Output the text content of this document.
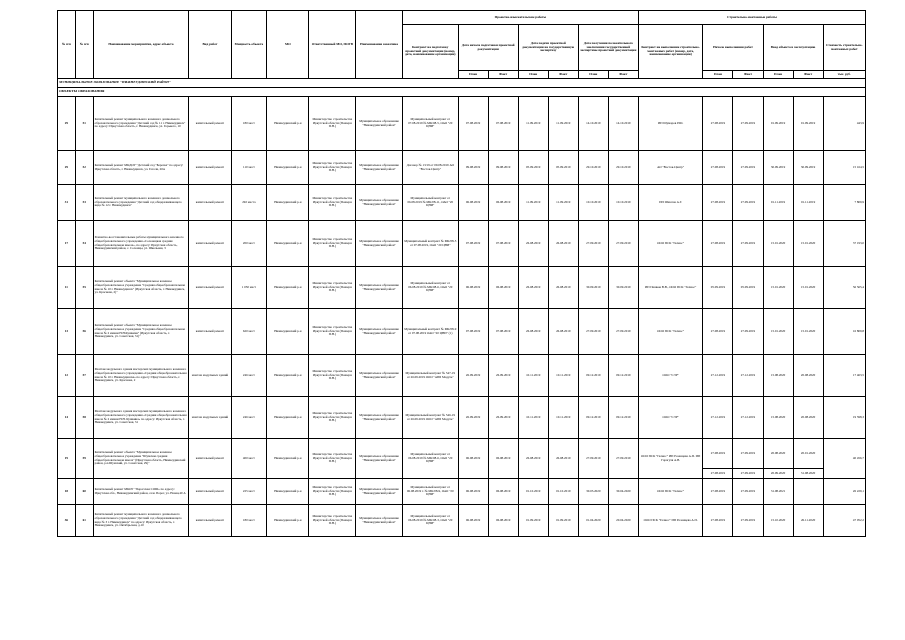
№ п/п	№ п/п	Наименование мероприятия, адрес объекта	Вид работ	Мощность объекта	МО	Ответственный МО, ПОГВ	Наименование заказчика	Проектно-изыскательские работы							Строительно-монтажные работы					
								Контракт на подготовку проектной документации (номер, дата, наименование организации)	Дата начала подготовки проектной документации		Дата подачи проектной документации на государственную экспертизу		Дата получения положительного заключения государственной экспертизы проектной документации		Контракт на выполнение строительно-монтажных работ (номер, дата, наименование организации)	Начало выполнения работ		Ввод объекта в эксплуатацию		Стоимость строительно-монтажных работ
									План	Факт	План	Факт	План	Факт		План	Факт	План	Факт	тыс. руб.
МУНИЦИПАЛЬНОЕ ОБРАЗОВАНИЕ "НИЖНЕУДИНСКИЙ РАЙОН"																				
ОБЪЕКТЫ ОБРАЗОВАНИЯ																				
29	51	Капитальный ремонт муниципального казенного дошкольного образовательного учреждения "Детский сад № 11 г. Нижнеудинск" по адресу: Иркутская область, г. Нижнеудинск, ул. Горького, 10	капитальный ремонт	180 мест	Нижнеудинский р-н	Министерство строительства Иркутской области (Пошерн П.Н.)	Муниципальное образование "Нижнеудинский район"	Муниципальный контракт от 07.08.2019 № МК/08-5, ОАО "20 ЦНИ"	07.08.2019	07.08.2019	11.09.2019	11.09.2019	14.10.2019	14.10.2019	ИП Шумаров Р.Ш.	27.08.2019	27.09.2019	01.09.2019	01.09.2019	443,9
29	52	Капитальный ремонт МКДОУ "Детский сад "Березка" по адресу: Иркутская область, г. Нижнеудинск, ул. Гоголя, 20А	капитальный ремонт	110 мест	Нижнеудинский р-н	Министерство строительства Иркутской области (Пошерн П.Н.)	Муниципальное образование "Нижнеудинский район"	Договор № 13/19 от 09.08.2019 АО "Восток-Центр"	09.08.2019	09.08.2019	05.09.2019	05.09.2019	29.10.2019	29.10.2019	АО "Восток-Центр"	27.08.2019	27.09.2019	30.09.2019	30.09.2019	15 164,5
31	53	Капитальный ремонт муниципального казенного дошкольного образовательного учреждения "Детский сад общеразвивающего вида № 12 г. Нижнеудинск"	капитальный ремонт	292 места	Нижнеудинский р-н	Министерство строительства Иркутской области (Пошерн П.Н.)	Муниципальное образование "Нижнеудинский район"	Муниципальный контракт от 06.08.2019 № МК/08-11, ОАО "20 ЦНИ"	06.08.2019	06.08.2019	11.09.2019	11.09.2019	10.10.2019	10.10.2019	ИП Шмотов А.Г.	27.08.2019	27.09.2019	01.11.2019	01.11.2019	7 809,9
17	54	Ремонтно-восстановительные работы муниципального казенного общеобразовательного учреждения «Солонецкая средняя общеобразовательная школа», по адресу: Иркутская область, Нижнеудинский район, с. Солонцы, ул. Школьная, 3	капитальный ремонт	200 мест	Нижнеудинский р-н	Министерство строительства Иркутской области (Пошерн П.Н.)	Муниципальное образование "Нижнеудинский район"	Муниципальный контракт № МК/08-5 от 07.08.2019, ОАО "20 ЦНИ"	07.08.2019	07.08.2019	26.08.2019	26.08.2019	27.09.2019	27.09.2019	ООО ПСК "Гелиос"	27.08.2019	27.09.2019	15.01.2020	15.01.2020	37 193,0
11	55	Капитальный ремонт объекта "Муниципальное казенное общеобразовательное учреждение "Средняя общеобразовательная школа № 10 г. Нижнеудинск" (Иркутская область, г. Нижнеудинск, ул. Краснова, 2)"	капитальный ремонт	1 050 мест	Нижнеудинский р-н	Министерство строительства Иркутской области (Пошерн П.Н.)	Муниципальное образование "Нижнеудинский район"	Муниципальный контракт от 06.08.2019 № МК/08-6, ОАО "20 ЦНИ"	06.08.2019	06.08.2019	26.08.2019	26.08.2019	30.09.2019	30.09.2019	ИП Пашков В.В., ООО ПСК "Гелиос"	05.09.2019	05.09.2019	15.01.2020	15.01.2020	56 565,4
13	56	Капитальный ремонт объекта "Муниципальное казенное общеобразовательное учреждение "Средняя общеобразовательная школа № 2 имени Н.Н.Кушкина" (Иркутская область, г. Нижнеудинск, ул. Советская, 31)"	капитальный ремонт	620 мест	Нижнеудинский р-н	Министерство строительства Иркутской области (Пошерн П.Н.)	Муниципальное образование "Нижнеудинский район"	Муниципальный контракт № МК/08-9 от 07.08.2019 ОАО "20 ЦНИ" (1)	07.08.2019	07.08.2019	26.08.2019	26.08.2019	27.09.2019	27.09.2019	ООО ПСК "Гелиос"	27.08.2019	27.09.2019	15.01.2020	15.01.2020	16 809,8
12	57	Монтаж модульного здания мастерских муниципального казенного общеобразовательного учреждения «Средняя общеобразовательная школа № 10 г. Нижнеудинска» по адресу: Иркутская область, г. Нижнеудинск, ул. Краснова, 2	монтаж модульных зданий	246 мест	Нижнеудинский р-н	Министерство строительства Иркутской области (Пошерн П.Н.)	Муниципальное образование "Нижнеудинский район"	Муниципальный контракт № 547-19 от 26.09.2019 ООО "АПБ Модуль"	26.09.2019	26.09.2019	10.11.2019	10.11.2019	09.12.2019	09.12.2019	ООО "СЭР"	27.12.2019	27.12.2019	15.08.2020	20.08.2020	17 463,5
14	58	Монтаж модульного здания мастерских муниципального казенного общеобразовательного учреждения «Средняя общеобразовательная школа № 2 имени Н.Н. Кушкина» по адресу: Иркутская область, г. Нижнеудинск, ул. Советская, 31	монтаж модульных зданий	246 мест	Нижнеудинский р-н	Министерство строительства Иркутской области (Пошерн П.Н.)	Муниципальное образование "Нижнеудинский район"	Муниципальный контракт № 546-19 от 26.09.2019 ООО "АПБ Модуль"	26.09.2019	26.09.2019	10.11.2019	10.11.2019	09.12.2019	09.12.2019	ООО "СЭР"	27.12.2019	27.12.2019	15.08.2020	20.08.2020	19 598,3
19	59	Капитальный ремонт объекта "Муниципальное казенное общеобразовательное учреждение "Шумская средняя общеобразовательная школа" (Иркутская область, Нижнеудинский район, р.п.Шумский, ул. Советская, 29)"	капитальный ремонт	400 мест	Нижнеудинский р-н	Министерство строительства Иркутской области (Пошерн П.Н.)	Муниципальное образование "Нижнеудинский район"	Муниципальный контракт от 06.08.2019 № МК/08-6, ОАО "20 ЦНИ"	06.08.2019	06.08.2019	26.08.2019	26.08.2019	27.09.2019	27.09.2019	ООО ПСК "Гелиос" ИП Розанцева А.П. ИП Гарагуля А.В.	27.08.2019	27.09.2019	20.08.2020	20.01.2020	40 456,7
																27.08.2019	27.09.2019	20.09.2020	31.08.2020	
18	60	Капитальный ремонт МКОУ "Порогская СОШ» по адресу: Иркутская обл., Нижнеудинский район, село Порог, ул. Новая,40 А	капитальный ремонт	225 мест	Нижнеудинский р-н	Министерство строительства Иркутской области (Пошерн П.Н.)	Муниципальное образование "Нижнеудинский район"	Муниципальный контракт от 06.08.2019 г. № МК/08-9, ОАО "20 ЦНИ"	06.08.2019	06.08.2019	01.10.2019	01.10.2019	30.03.2020	30.04.2020	ООО ПСК "Гелиос"	27.08.2019	27.09.2019	31.08.2021		26 229,1
36	61	Капитальный ремонт муниципального казенного дошкольного образовательного учреждения "Детский сад общеразвивающего вида № 3 г. Нижнеудинск" по адресу: Иркутская область, г. Нижнеудинск, ул. Октябрьская, д.10	капитальный ремонт	180 мест	Нижнеудинский р-н	Министерство строительства Иркутской области (Пошерн П.Н.)	Муниципальное образование "Нижнеудинский район"	Муниципальный контракт от 06.08.2019 № МК/08-3, ОАО "20 ЦНИ"	06.08.2019	06.08.2019	01.09.2019	01.09.2019	01.04.2020	20.04.2020	ООО ПСК "Гелиос" ИП Розанцева А.П.	27.08.2019	27.09.2019	15.10.2020	26.11.2020	47 052,2
